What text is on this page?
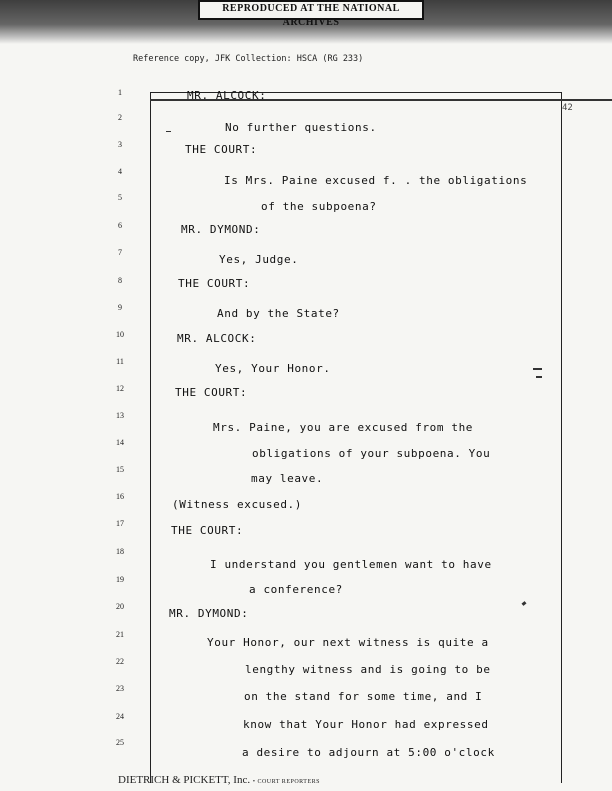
REPRODUCED AT THE NATIONAL ARCHIVES
Reference copy, JFK Collection: HSCA (RG 233)
42
1
2
3
4
5
6
7
8
9
10
11
12
13
14
15
16
17
18
19
20
21
22
23
24
25
MR. ALCOCK:
No further questions.
THE COURT:
Is Mrs. Paine excused f. . the obligations
of the subpoena?
MR. DYMOND:
Yes, Judge.
THE COURT:
And by the State?
MR. ALCOCK:
Yes, Your Honor.
THE COURT:
Mrs. Paine, you are excused from the
obligations of your subpoena. You
may leave.
(Witness excused.)
THE COURT:
I understand you gentlemen want to have
a conference?
MR. DYMOND:
Your Honor, our next witness is quite a
lengthy witness and is going to be
on the stand for some time, and I
know that Your Honor had expressed
a desire to adjourn at 5:00 o'clock
DIETRICH & PICKETT, Inc. • COURT REPORTERS
